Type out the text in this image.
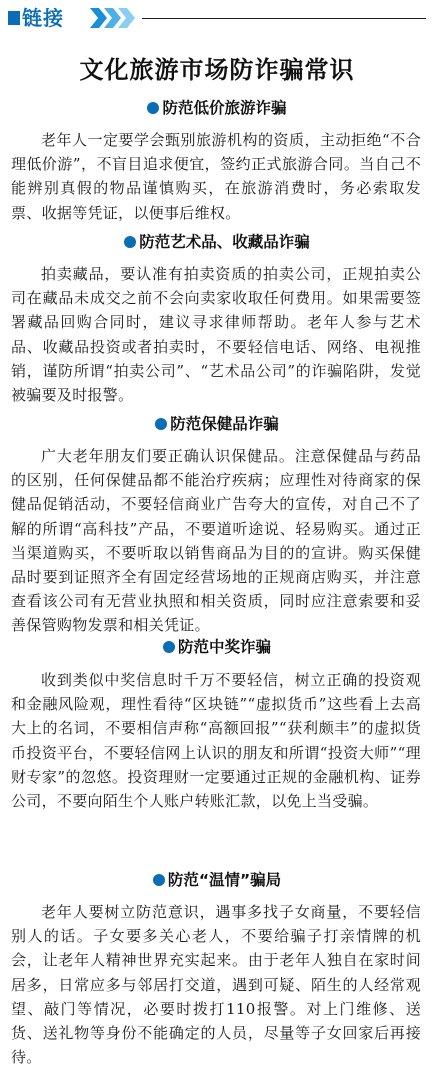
链接
文化旅游市场防诈骗常识
防范低价旅游诈骗
老年人一定要学会甄别旅游机构的资质，主动拒绝“不合理低价游”，不盲目追求便宜，签约正式旅游合同。当自己不能辨别真假的物品谨慎购买，在旅游消费时，务必索取发票、收据等凭证，以便事后维权。
防范艺术品、收藏品诈骗
拍卖藏品，要认准有拍卖资质的拍卖公司，正规拍卖公司在藏品未成交之前不会向卖家收取任何费用。如果需要签署藏品回购合同时，建议寻求律师帮助。老年人参与艺术品、收藏品投资或者拍卖时，不要轻信电话、网络、电视推销，谨防所谓“拍卖公司”、“艺术品公司”的诈骗陷阱，发觉被骗要及时报警。
防范保健品诈骗
广大老年朋友们要正确认识保健品。注意保健品与药品的区别，任何保健品都不能治疗疾病；应理性对待商家的保健品促销活动，不要轻信商业广告夸大的宣传，对自己不了解的所谓“高科技”产品，不要道听途说、轻易购买。通过正当渠道购买，不要听取以销售商品为目的的宣讲。购买保健品时要到证照齐全有固定经营场地的正规商店购买，并注意查看该公司有无营业执照和相关资质，同时应注意索要和妥善保管购物发票和相关凭证。
防范中奖诈骗
收到类似中奖信息时千万不要轻信，树立正确的投资观和金融风险观，理性看待“区块链”“虚拟货币”这些看上去高大上的名词，不要相信声称“高额回报”“获利颇丰”的虚拟货币投资平台，不要轻信网上认识的朋友和所谓“投资大师”“理财专家”的忽悠。投资理财一定要通过正规的金融机构、证券公司，不要向陌生个人账户转账汇款，以免上当受骗。
防范“温情”骗局
老年人要树立防范意识，遇事多找子女商量，不要轻信别人的话。子女要多关心老人，不要给骗子打亲情牌的机会，让老年人精神世界充实起来。由于老年人独自在家时间居多，日常应多与邻居打交道，遇到可疑、陌生的人经常观望、敲门等情况，必要时拨打110报警。对上门维修、送货、送礼物等身份不能确定的人员，尽量等子女回家后再接待。
